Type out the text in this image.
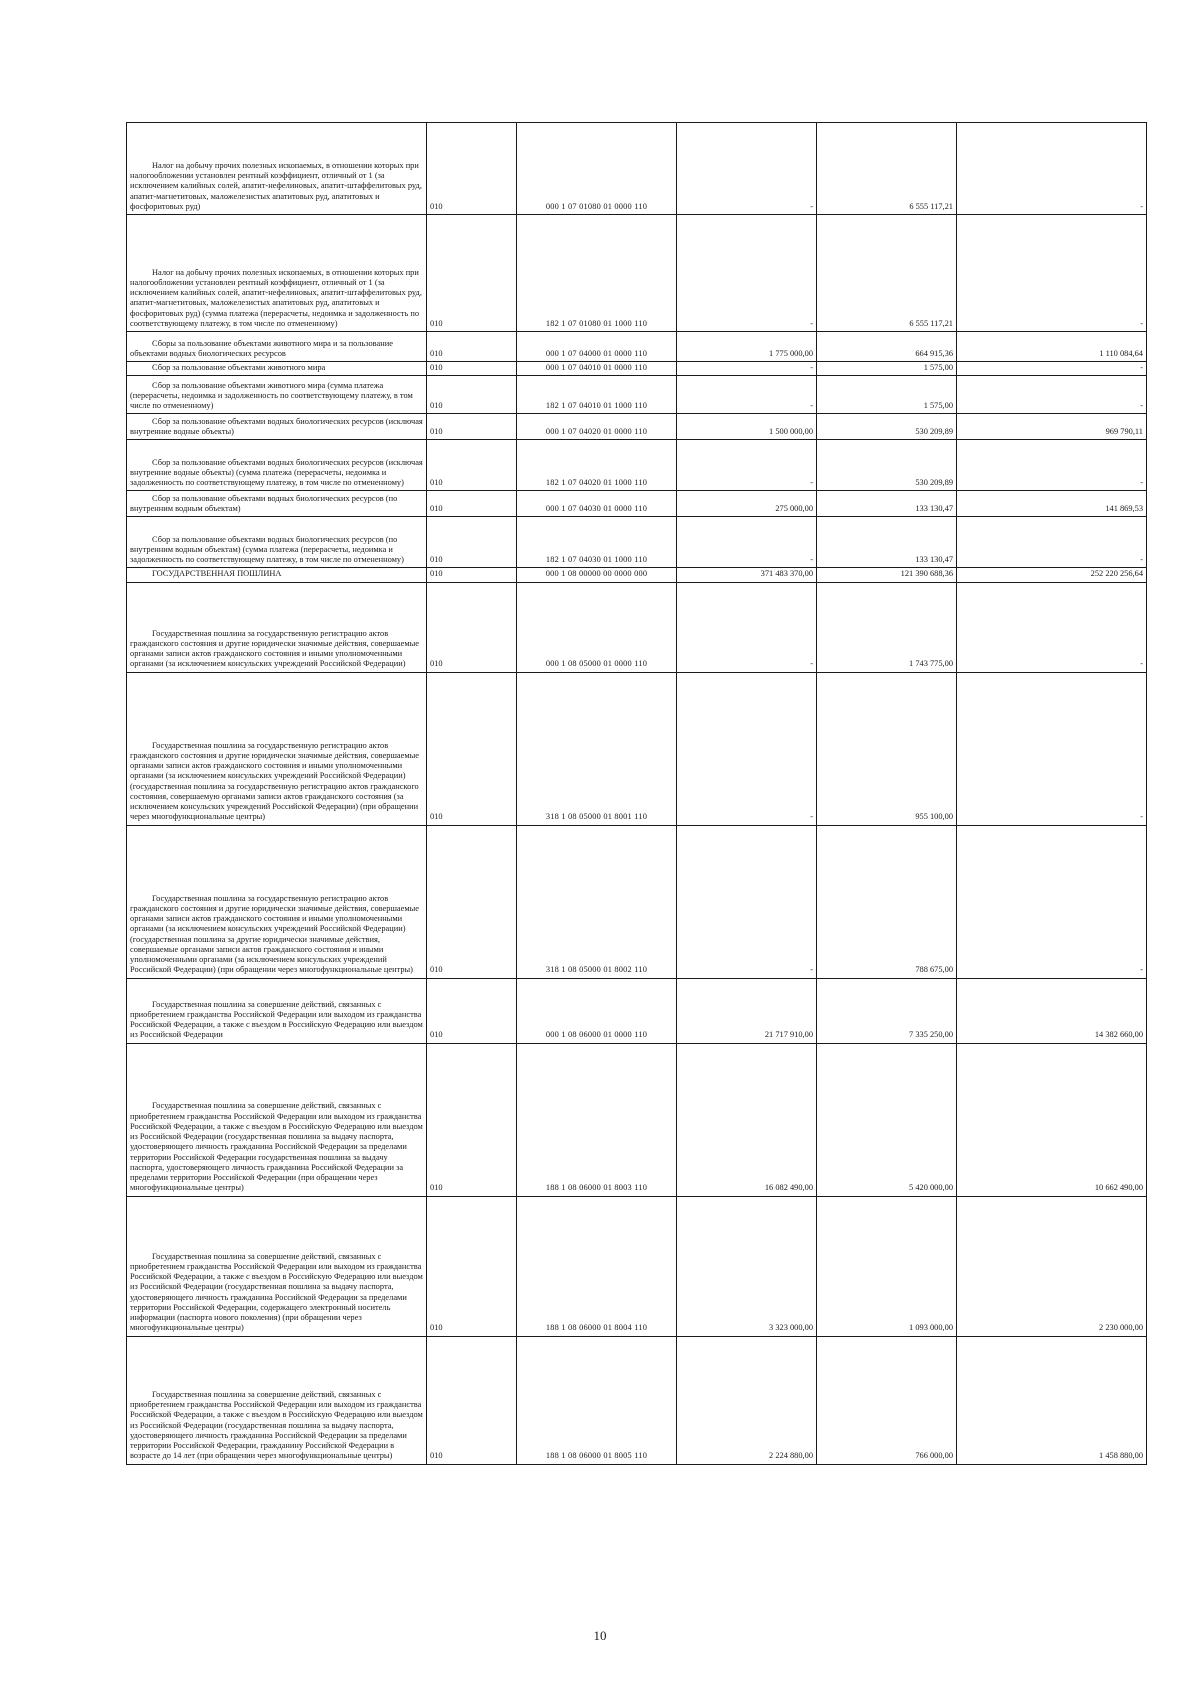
Налог на добычу прочих полезных ископаемых, в отношении которых при налогообложении установлен рентный коэффициент, отличный от 1 (за исключением калийных солей, апатит-нефелиновых, апатит-штаффелитовых руд, апатит-магнетитовых, маложелезистых апатитовых руд, апатитовых и фосфоритовых руд)	010	000 1 07 01080 01 0000 110	-	6 555 117,21	-
Налог на добычу прочих полезных ископаемых, в отношении которых при налогообложении установлен рентный коэффициент, отличный от 1 (за исключением калийных солей, апатит-нефелиновых, апатит-штаффелитовых руд, апатит-магнетитовых, маложелезистых апатитовых руд, апатитовых и фосфоритовых руд) (сумма платежа (перерасчеты, недоимка и задолженность по соответствующему платежу, в том числе по отмененному)	010	182 1 07 01080 01 1000 110	-	6 555 117,21	-
Сборы за пользование объектами животного мира и за пользование объектами водных биологических ресурсов	010	000 1 07 04000 01 0000 110	1 775 000,00	664 915,36	1 110 084,64
Сбор за пользование объектами животного мира	010	000 1 07 04010 01 0000 110	-	1 575,00	-
Сбор за пользование объектами животного мира (сумма платежа (перерасчеты, недоимка и задолженность по соответствующему платежу, в том числе по отмененному)	010	182 1 07 04010 01 1000 110	-	1 575,00	-
Сбор за пользование объектами водных биологических ресурсов (исключая внутренние водные объекты)	010	000 1 07 04020 01 0000 110	1 500 000,00	530 209,89	969 790,11
Сбор за пользование объектами водных биологических ресурсов (исключая внутренние водные объекты) (сумма платежа (перерасчеты, недоимка и задолженность по соответствующему платежу, в том числе по отмененному)	010	182 1 07 04020 01 1000 110	-	530 209,89	-
Сбор за пользование объектами водных биологических ресурсов (по внутренним водным объектам)	010	000 1 07 04030 01 0000 110	275 000,00	133 130,47	141 869,53
Сбор за пользование объектами водных биологических ресурсов (по внутренним водным объектам) (сумма платежа (перерасчеты, недоимка и задолженность по соответствующему платежу, в том числе по отмененному)	010	182 1 07 04030 01 1000 110	-	133 130,47	-
ГОСУДАРСТВЕННАЯ ПОШЛИНА	010	000 1 08 00000 00 0000 000	371 483 370,00	121 390 688,36	252 220 256,64
Государственная пошлина за государственную регистрацию актов гражданского состояния и другие юридически значимые действия, совершаемые органами записи актов гражданского состояния и иными уполномоченными органами (за исключением консульских учреждений Российской Федерации)	010	000 1 08 05000 01 0000 110	-	1 743 775,00	-
Государственная пошлина за государственную регистрацию актов гражданского состояния и другие юридически значимые действия, совершаемые органами записи актов гражданского состояния и иными уполномоченными органами (за исключением консульских учреждений Российской Федерации)
(государственная пошлина за государственную регистрацию актов гражданского состояния, совершаемую органами записи актов гражданского состояния (за исключением консульских учреждений Российской Федерации) (при обращении через многофункциональные центры)	010	318 1 08 05000 01 8001 110	-	955 100,00	-
Государственная пошлина за государственную регистрацию актов гражданского состояния и другие юридически значимые действия, совершаемые органами записи актов гражданского состояния и иными уполномоченными органами (за исключением консульских учреждений Российской Федерации)
(государственная пошлина за другие юридически значимые действия, совершаемые органами записи актов гражданского состояния и иными уполномоченными органами (за исключением консульских учреждений Российской Федерации) (при обращении через многофункциональные центры)	010	318 1 08 05000 01 8002 110	-	788 675,00	-
Государственная пошлина за совершение действий, связанных с приобретением гражданства Российской Федерации или выходом из гражданства Российской Федерации, а также с въездом в Российскую Федерацию или выездом из Российской Федерации	010	000 1 08 06000 01 0000 110	21 717 910,00	7 335 250,00	14 382 660,00
Государственная пошлина за совершение действий, связанных с приобретением гражданства Российской Федерации или выходом из гражданства Российской Федерации, а также с въездом в Российскую Федерацию или выездом из Российской Федерации (государственная пошлина за выдачу паспорта, удостоверяющего личность гражданина Российской Федерации за пределами территории Российской Федерации государственная пошлина за выдачу паспорта, удостоверяющего личность гражданина Российской Федерации за пределами территории Российской Федерации (при обращении через многофункциональные центры)	010	188 1 08 06000 01 8003 110	16 082 490,00	5 420 000,00	10 662 490,00
Государственная пошлина за совершение действий, связанных с приобретением гражданства Российской Федерации или выходом из гражданства Российской Федерации, а также с въездом в Российскую Федерацию или выездом из Российской Федерации (государственная пошлина за выдачу паспорта, удостоверяющего личность гражданина Российской Федерации за пределами территории Российской Федерации, содержащего электронный носитель информации (паспорта нового поколения) (при обращении через многофункциональные центры)	010	188 1 08 06000 01 8004 110	3 323 000,00	1 093 000,00	2 230 000,00
Государственная пошлина за совершение действий, связанных с приобретением гражданства Российской Федерации или выходом из гражданства Российской Федерации, а также с въездом в Российскую Федерацию или выездом из Российской Федерации (государственная пошлина за выдачу паспорта, удостоверяющего личность гражданина Российской Федерации за пределами территории Российской Федерации, гражданину Российской Федерации в возрасте до 14 лет (при обращении через многофункциональные центры)	010	188 1 08 06000 01 8005 110	2 224 880,00	766 000,00	1 458 880,00
10
